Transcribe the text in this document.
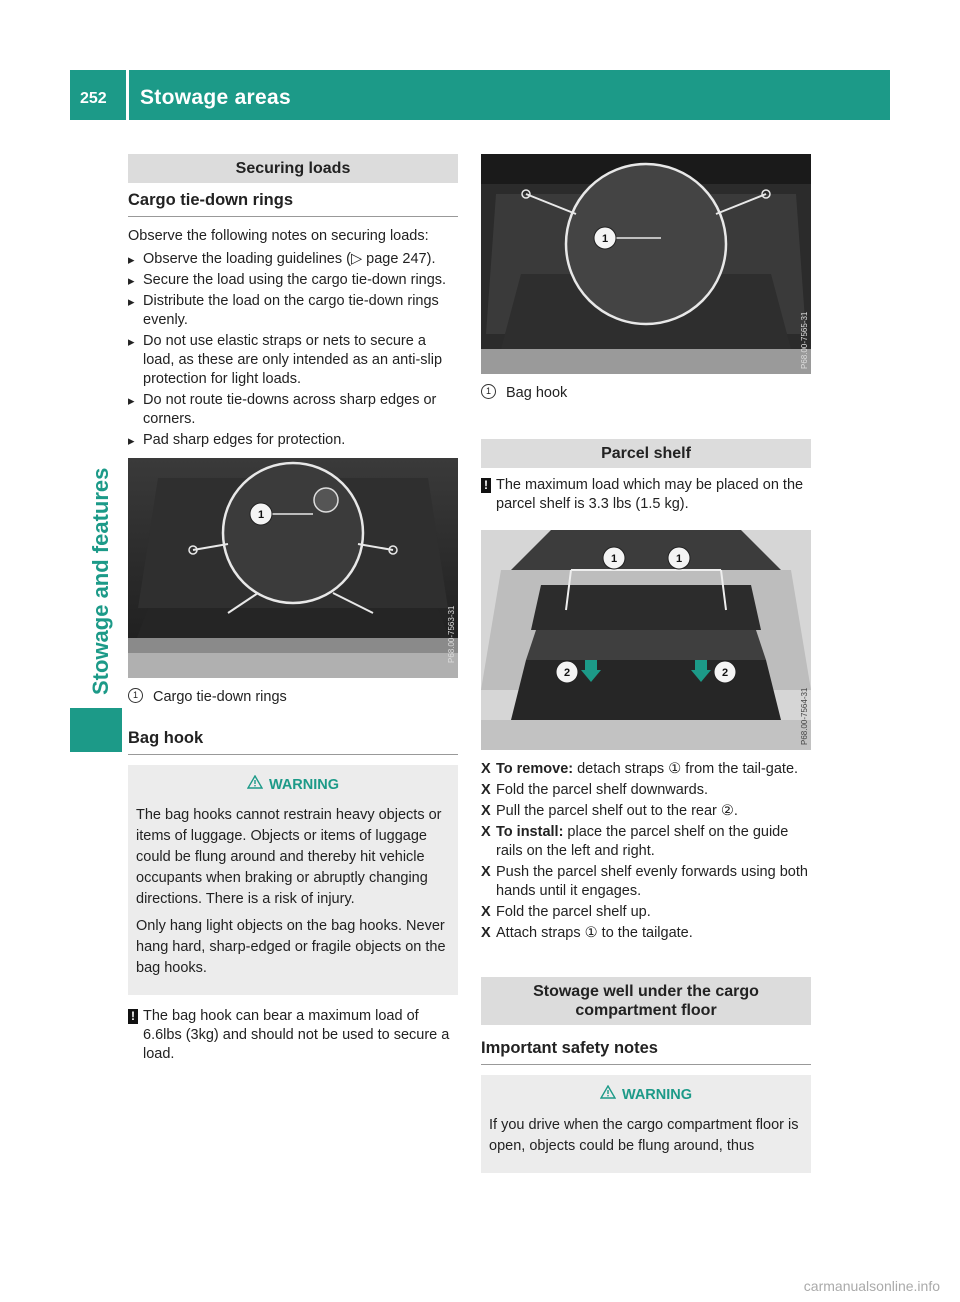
252 Stowage areas
Stowage and features
Securing loads
Cargo tie-down rings

Observe the following notes on securing loads:

▸ Observe the loading guidelines (▷ page 247).
▸ Secure the load using the cargo tie-down rings.
▸ Distribute the load on the cargo tie-down rings evenly.
▸ Do not use elastic straps or nets to secure a load, as these are only intended as an anti-slip protection for light loads.
▸ Do not route tie-downs across sharp edges or corners.
▸ Pad sharp edges for protection.
1
P68.00-7563-31
1	Cargo tie-down rings
Bag hook
WARNING

The bag hooks cannot restrain heavy objects or items of luggage. Objects or items of luggage could be flung around and thereby hit vehicle occupants when braking or abruptly changing directions. There is a risk of injury.

Only hang light objects on the bag hooks. Never hang hard, sharp-edged or fragile objects on the bag hooks.

! The bag hook can bear a maximum load of 6.6lbs (3kg) and should not be used to secure a load.
1
P68.00-7565-31
1	Bag hook
Parcel shelf
! The maximum load which may be placed on the parcel shelf is 3.3 lbs (1.5 kg).
1	1
2	2
P68.00-7564-31
X To remove: detach straps ① from the tail-gate.
X Fold the parcel shelf downwards.
X Pull the parcel shelf out to the rear ②.
X To install: place the parcel shelf on the guide rails on the left and right.
X Push the parcel shelf evenly forwards using both hands until it engages.
X Fold the parcel shelf up.
X Attach straps ① to the tailgate.
Stowage well under the cargo compartment floor
Important safety notes
WARNING

If you drive when the cargo compartment floor is open, objects could be flung around, thus

carmanualsonline.info
